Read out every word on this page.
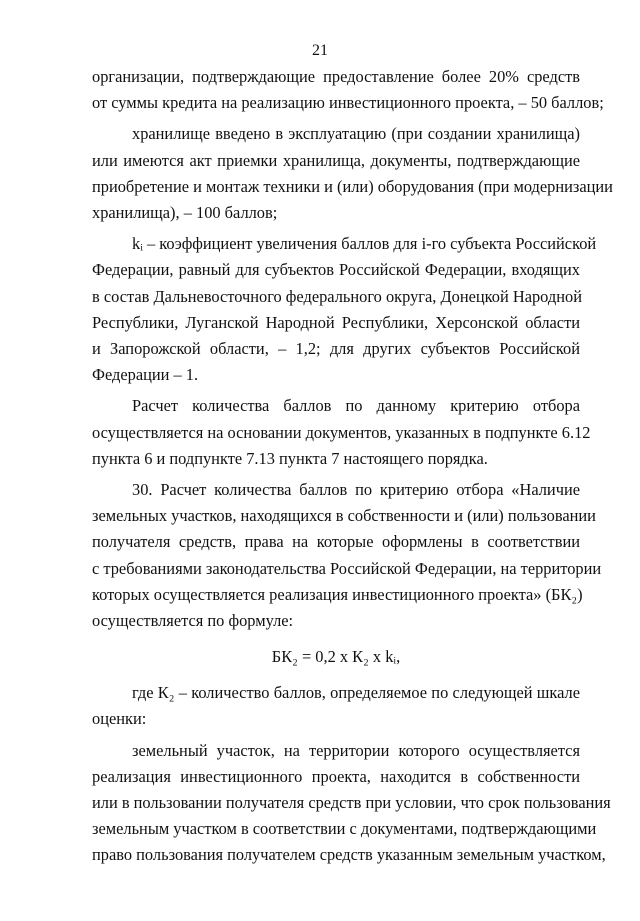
21
организации, подтверждающие предоставление более 20% средств
от суммы кредита на реализацию инвестиционного проекта, – 50 баллов;
хранилище введено в эксплуатацию (при создании хранилища)
или имеются акт приемки хранилища, документы, подтверждающие
приобретение и монтаж техники и (или) оборудования (при модернизации
хранилища), – 100 баллов;
kᵢ – коэффициент увеличения баллов для i-го субъекта Российской
Федерации, равный для субъектов Российской Федерации, входящих
в состав Дальневосточного федерального округа, Донецкой Народной
Республики, Луганской Народной Республики, Херсонской области
и Запорожской области, – 1,2; для других субъектов Российской
Федерации – 1.
Расчет количества баллов по данному критерию отбора
осуществляется на основании документов, указанных в подпункте 6.12
пункта 6 и подпункте 7.13 пункта 7 настоящего порядка.
30. Расчет количества баллов по критерию отбора «Наличие
земельных участков, находящихся в собственности и (или) пользовании
получателя средств, права на которые оформлены в соответствии
с требованиями законодательства Российской Федерации, на территории
которых осуществляется реализация инвестиционного проекта» (БК₂)
осуществляется по формуле:
БК₂ = 0,2 x К₂ x kᵢ,
где К₂ – количество баллов, определяемое по следующей шкале
оценки:
земельный участок, на территории которого осуществляется
реализация инвестиционного проекта, находится в собственности
или в пользовании получателя средств при условии, что срок пользования
земельным участком в соответствии с документами, подтверждающими
право пользования получателем средств указанным земельным участком,
